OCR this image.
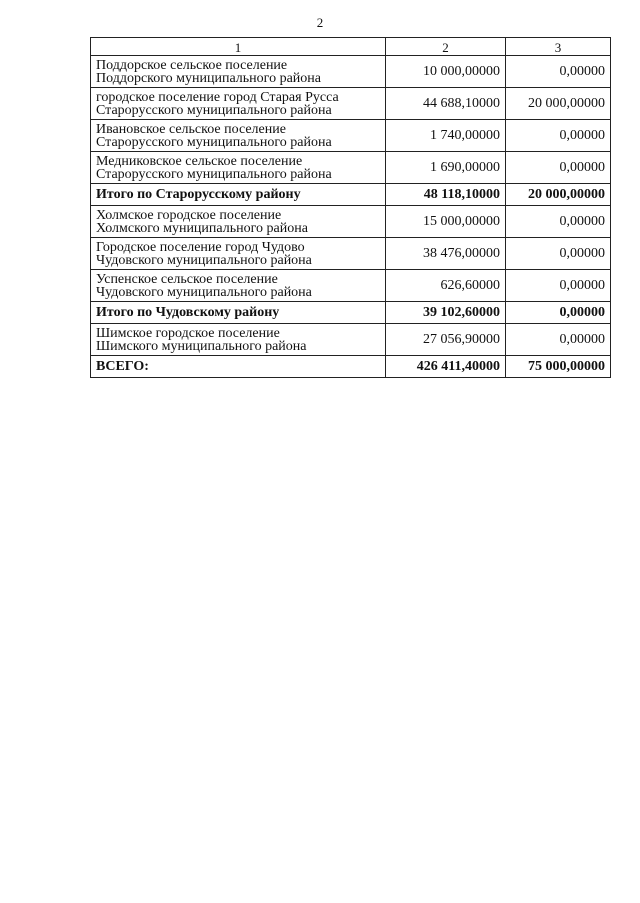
2
1	2	3

Поддорское сельское поселение
Поддорского муниципального района	10 000,00000	0,00000

городское поселение город Старая Русса
Старорусского муниципального района	44 688,10000	20 000,00000

Ивановское сельское поселение
Старорусского муниципального района	1 740,00000	0,00000

Медниковское сельское поселение
Старорусского муниципального района	1 690,00000	0,00000
Итого по Старорусскому району	48 118,10000	20 000,00000

Холмское городское поселение
Холмского муниципального района	15 000,00000	0,00000

Городское поселение город Чудово
Чудовского муниципального района	38 476,00000	0,00000

Успенское сельское поселение
Чудовского муниципального района	626,60000	0,00000
Итого по Чудовскому району	39 102,60000	0,00000

Шимское городское поселение
Шимского муниципального района	27 056,90000	0,00000
ВСЕГО:	426 411,40000	75 000,00000
